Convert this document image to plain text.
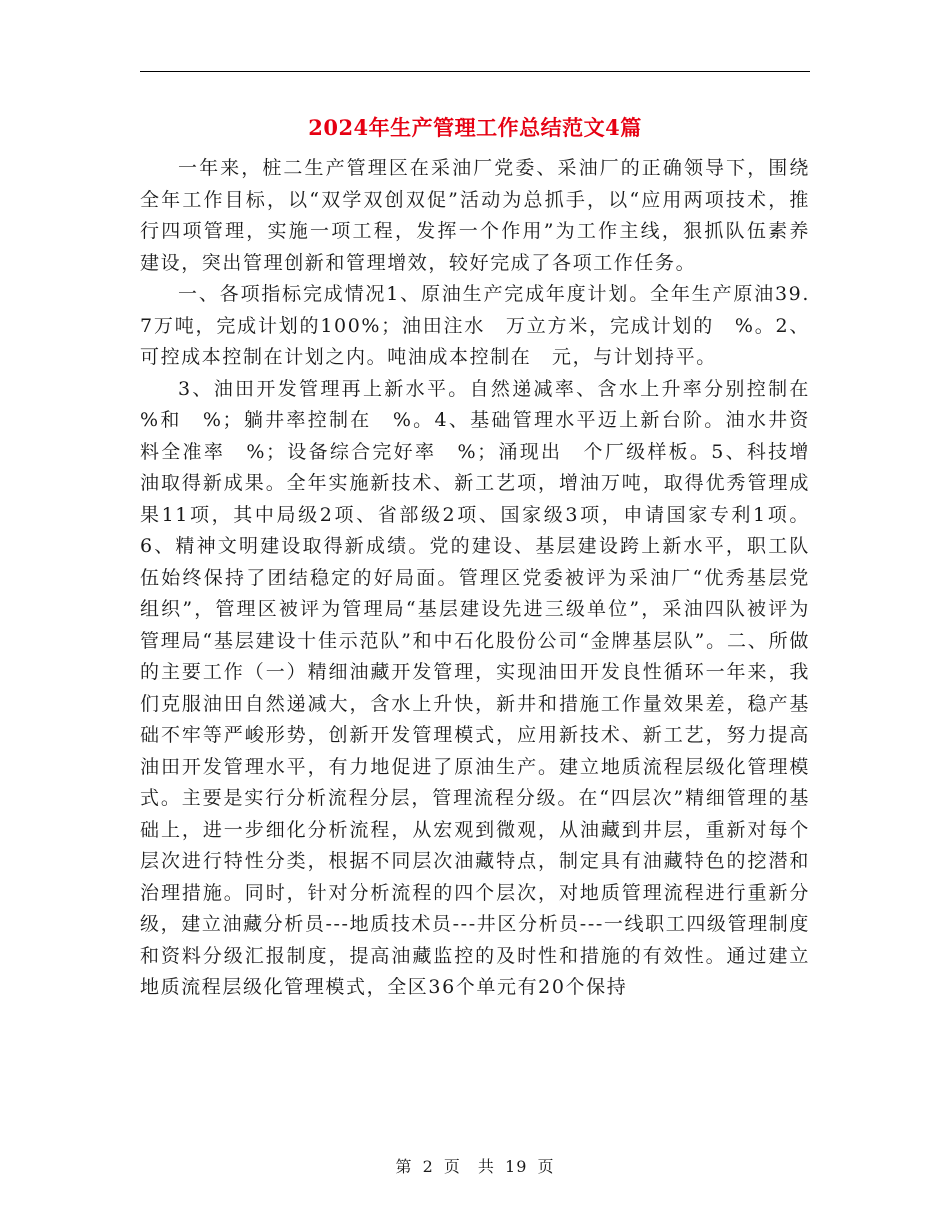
2024年生产管理工作总结范文4篇

一年来，桩二生产管理区在采油厂党委、采油厂的正确领导下，围绕全年工作目标，以“双学双创双促”活动为总抓手，以“应用两项技术，推行四项管理，实施一项工程，发挥一个作用”为工作主线，狠抓队伍素养建设，突出管理创新和管理增效，较好完成了各项工作任务。

一、各项指标完成情况1、原油生产完成年度计划。全年生产原油39.7万吨，完成计划的100%；油田注水　万立方米，完成计划的　%。2、可控成本控制在计划之内。吨油成本控制在　元，与计划持平。

3、油田开发管理再上新水平。自然递减率、含水上升率分别控制在　%和　%；躺井率控制在　%。4、基础管理水平迈上新台阶。油水井资料全准率　%；设备综合完好率　%；涌现出　个厂级样板。5、科技增油取得新成果。全年实施新技术、新工艺项，增油万吨，取得优秀管理成果11项，其中局级2项、省部级2项、国家级3项，申请国家专利1项。6、精神文明建设取得新成绩。党的建设、基层建设跨上新水平，职工队伍始终保持了团结稳定的好局面。管理区党委被评为采油厂“优秀基层党组织”，管理区被评为管理局“基层建设先进三级单位”，采油四队被评为管理局“基层建设十佳示范队”和中石化股份公司“金牌基层队”。二、所做的主要工作（一）精细油藏开发管理，实现油田开发良性循环一年来，我们克服油田自然递减大，含水上升快，新井和措施工作量效果差，稳产基础不牢等严峻形势，创新开发管理模式，应用新技术、新工艺，努力提高油田开发管理水平，有力地促进了原油生产。建立地质流程层级化管理模式。主要是实行分析流程分层，管理流程分级。在“四层次”精细管理的基础上，进一步细化分析流程，从宏观到微观，从油藏到井层，重新对每个层次进行特性分类，根据不同层次油藏特点，制定具有油藏特色的挖潜和治理措施。同时，针对分析流程的四个层次，对地质管理流程进行重新分级，建立油藏分析员---地质技术员---井区分析员---一线职工四级管理制度和资料分级汇报制度，提高油藏监控的及时性和措施的有效性。通过建立地质流程层级化管理模式，全区36个单元有20个保持

第 2 页　共 19 页
